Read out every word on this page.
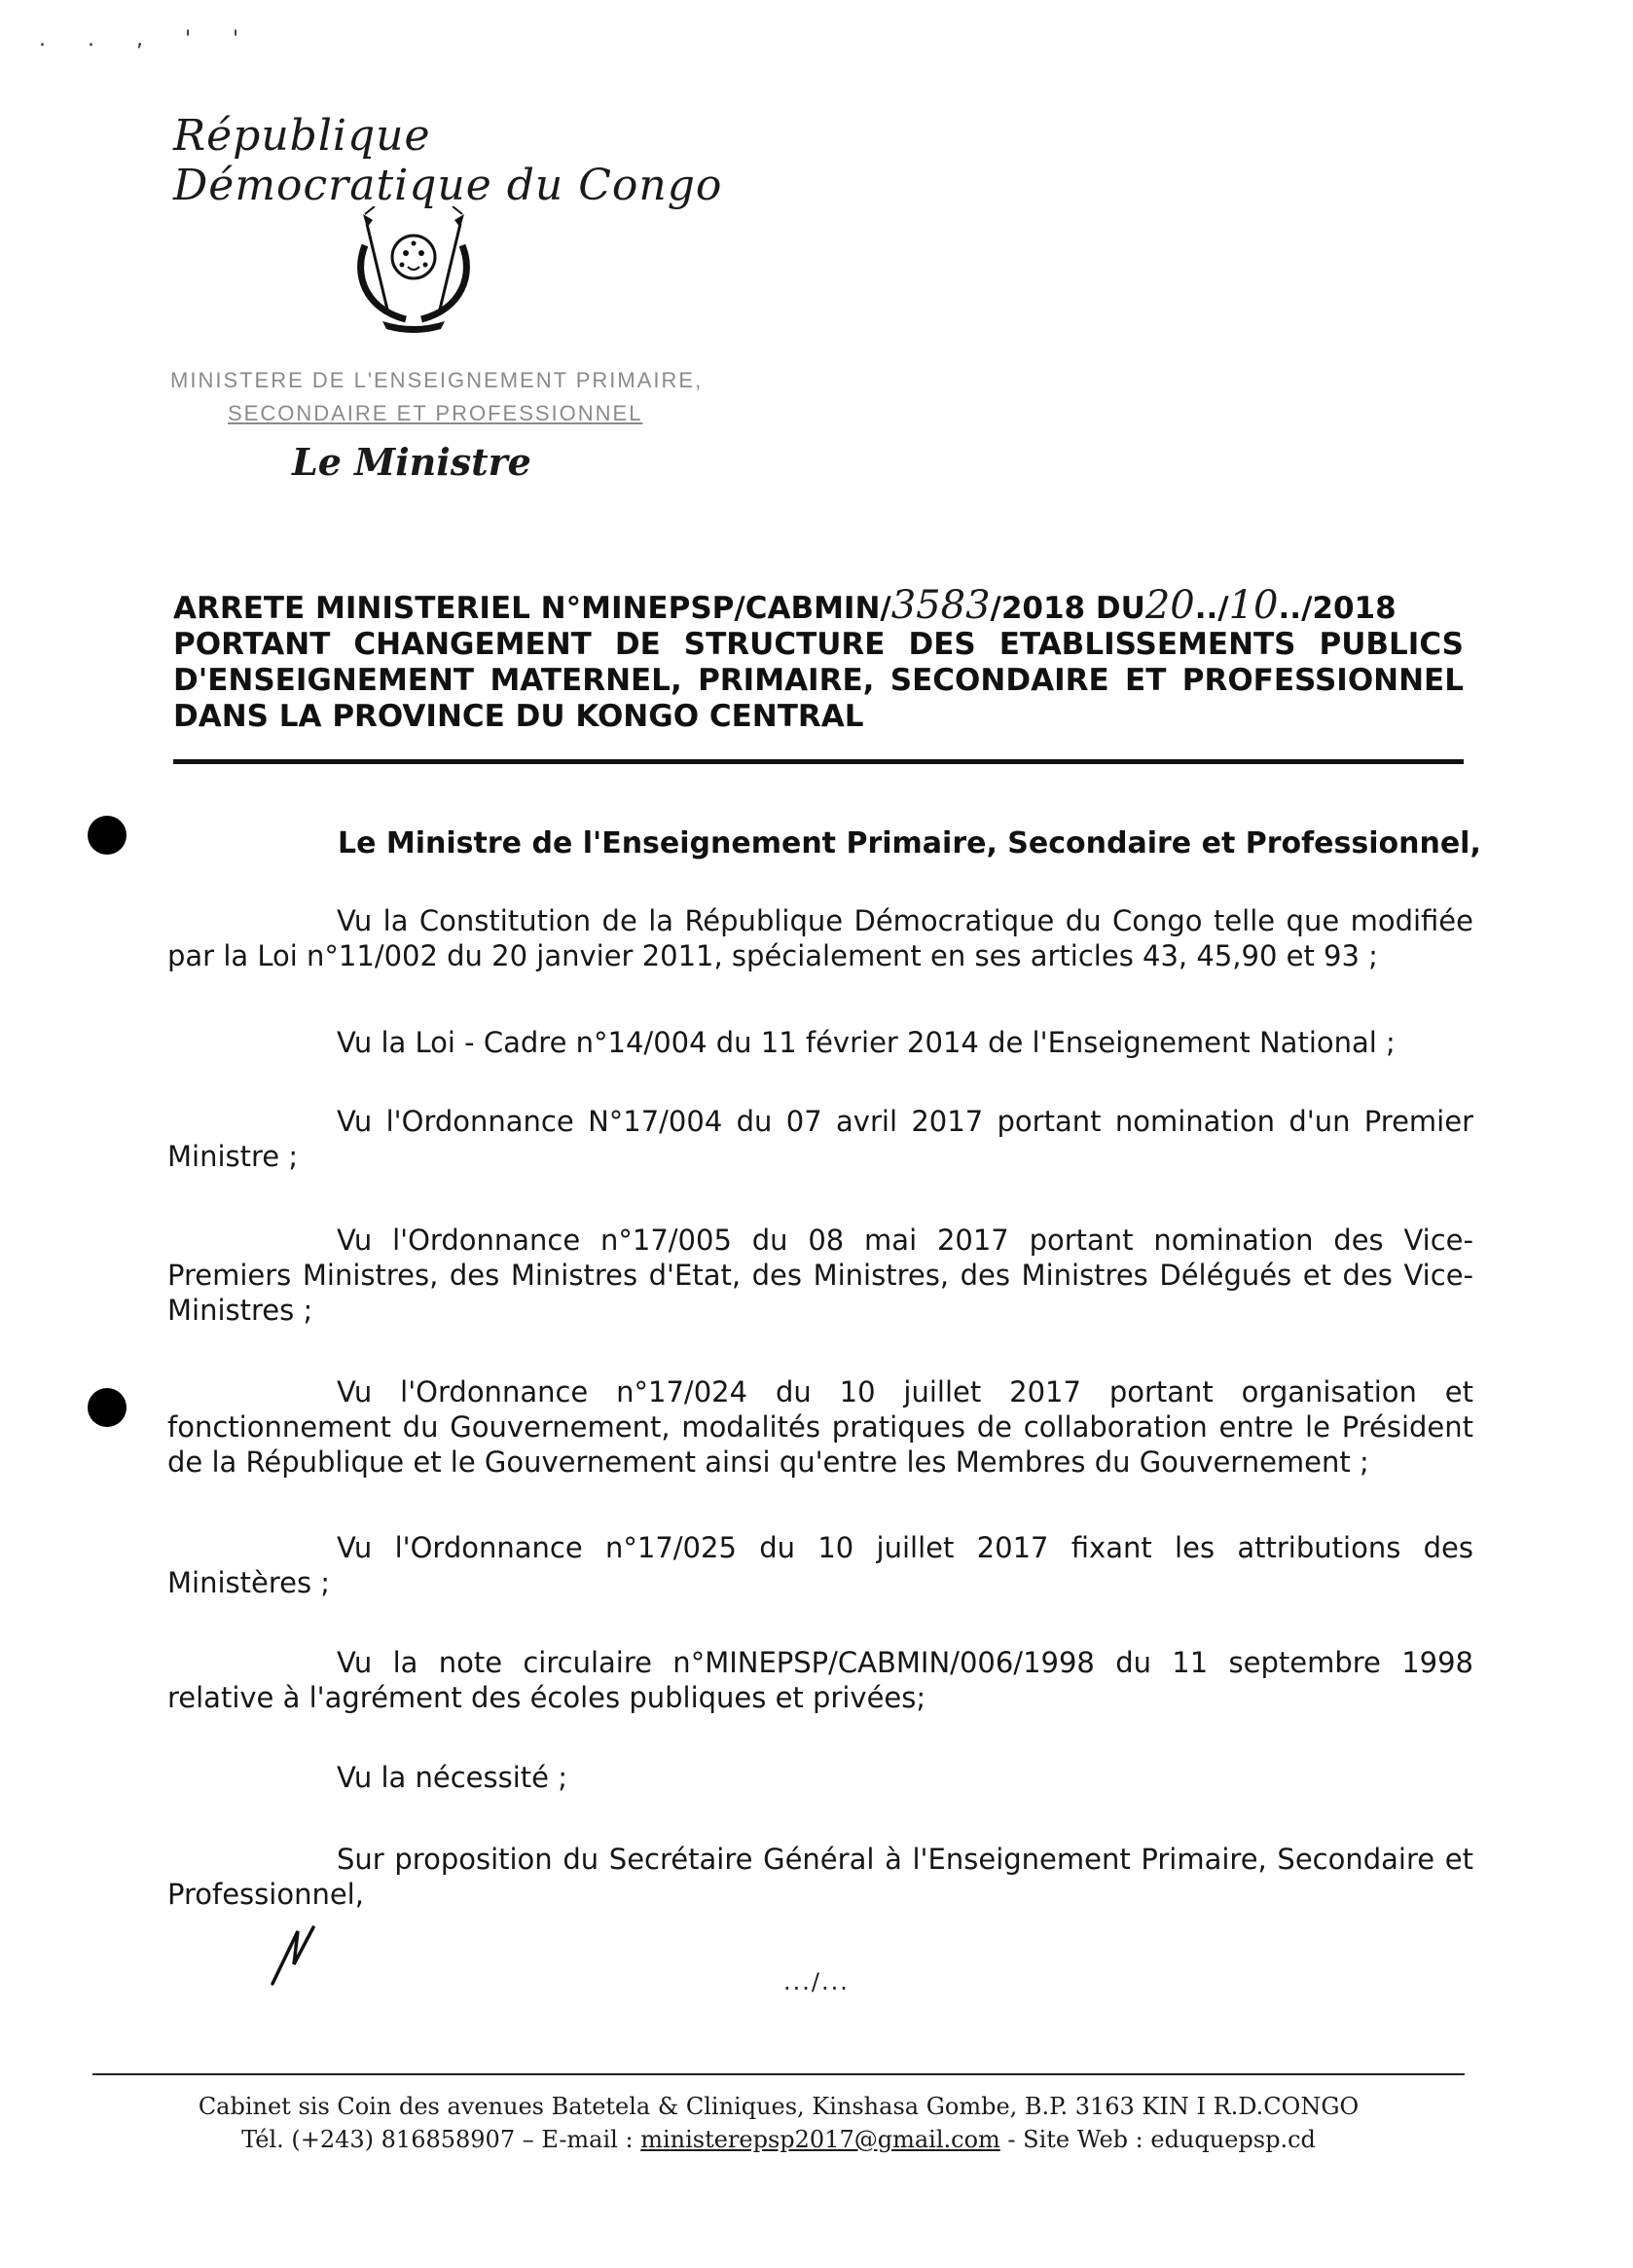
. . , ' '
République Démocratique du Congo
MINISTERE DE L'ENSEIGNEMENT PRIMAIRE,
SECONDAIRE ET PROFESSIONNEL
Le Ministre
ARRETE MINISTERIEL N°MINEPSP/CABMIN/3583/2018 DU20../10../2018
PORTANT CHANGEMENT DE STRUCTURE DES ETABLISSEMENTS PUBLICS D'ENSEIGNEMENT MATERNEL, PRIMAIRE, SECONDAIRE ET PROFESSIONNEL DANS LA PROVINCE DU KONGO CENTRAL
Le Ministre de l'Enseignement Primaire, Secondaire et Professionnel,
Vu la Constitution de la République Démocratique du Congo telle que modifiée par la Loi n°11/002 du 20 janvier 2011, spécialement en ses articles 43, 45,90 et 93 ;
Vu la Loi - Cadre n°14/004 du 11 février 2014 de l'Enseignement National ;
Vu l'Ordonnance N°17/004 du 07 avril 2017 portant nomination d'un Premier Ministre ;
Vu l'Ordonnance n°17/005 du 08 mai 2017 portant nomination des Vice-Premiers Ministres, des Ministres d'Etat, des Ministres, des Ministres Délégués et des Vice-Ministres ;
Vu l'Ordonnance n°17/024 du 10 juillet 2017 portant organisation et fonctionnement du Gouvernement, modalités pratiques de collaboration entre le Président de la République et le Gouvernement ainsi qu'entre les Membres du Gouvernement ;
Vu l'Ordonnance n°17/025 du 10 juillet 2017 fixant les attributions des Ministères ;
Vu la note circulaire n°MINEPSP/CABMIN/006/1998 du 11 septembre 1998 relative à l'agrément des écoles publiques et privées;
Vu la nécessité ;
Sur proposition du Secrétaire Général à l'Enseignement Primaire, Secondaire et Professionnel,
.../...
Cabinet sis Coin des avenues Batetela & Cliniques, Kinshasa Gombe, B.P. 3163 KIN I R.D.CONGO
Tél. (+243) 816858907 – E-mail : ministerepsp2017@gmail.com - Site Web : eduquepsp.cd
